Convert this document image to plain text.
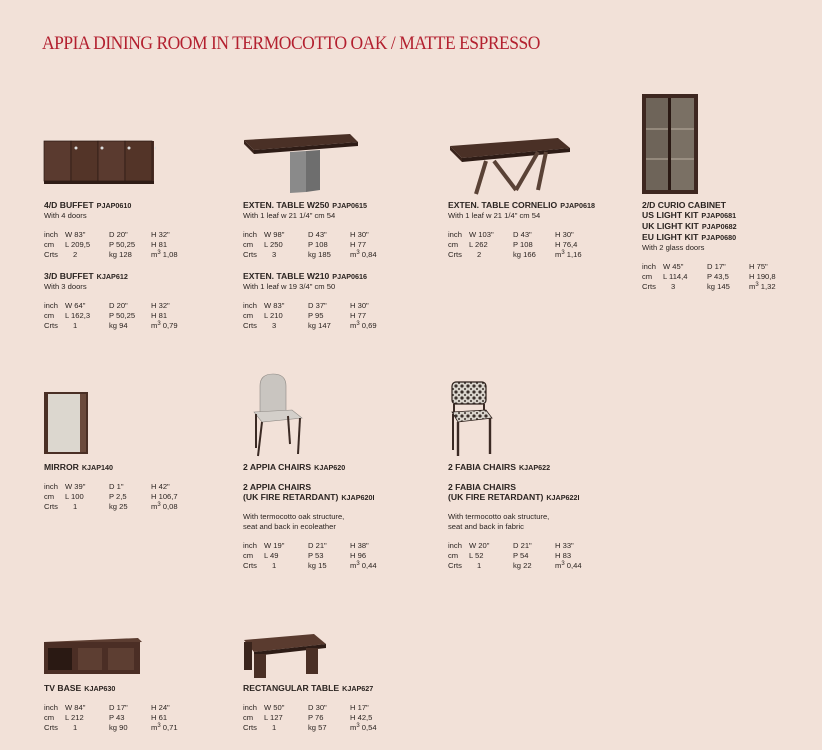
APPIA DINING ROOM IN TERMOCOTTO OAK / MATTE ESPRESSO
4/D BUFFET PJAP0610
With 4 doors
inch W 83"	D 20"	H 32"
cm L 209,5 P 50,25 H 81
Crts 2	kg 128	$m^3$ 1,08
3/D BUFFET KJAP612
With 3 doors
inch W 64"	D 20"	H 32"
cm L 162,3 P 50,25 H 81
Crts 1	kg 94	$m^3$ 0,79
EXTEN. TABLE W250 PJAP0615
With 1 leaf w 21 1/4" cm 54
inch W 98"	D 43"	H 30"
cm L 250	P 108	H 77
Crts 3	kg 185	$m^3$ 0,84
EXTEN. TABLE W210 PJAP0616
With 1 leaf w 19 3/4" cm 50
inch W 83"	D 37"	H 30"
cm L 210	P 95	H 77
Crts 3	kg 147	$m^3$ 0,69
EXTEN. TABLE CORNELIO PJAP0618
With 1 leaf w 21 1/4" cm 54
inch W 103"	D 43"	H 30"
cm L 262	P 108	H 76,4
Crts 2	kg 166	$m^3$ 1,16
2/D CURIO CABINET
US LIGHT KIT PJAP0681
UK LIGHT KIT PJAP0682
EU LIGHT KIT PJAP0680
With 2 glass doors
inch W 45"	D 17"	H 75"
cm L 114,4	P 43,5	H 190,8
Crts 3	kg 145	$m^3$ 1,32
MIRROR KJAP140
inch W 39"	D 1"	H 42"
cm L 100	P 2,5	H 106,7
Crts 1	kg 25	$m^3$ 0,08
2 APPIA CHAIRS KJAP620
2 APPIA CHAIRS
(UK FIRE RETARDANT) KJAP620I
With termocotto oak structure,
seat and back in ecoleather
inch W 19"	D 21"	H 38"
cm L 49	P 53	H 96
Crts 1	kg 15	$m^3$ 0,44
2 FABIA CHAIRS KJAP622
2 FABIA CHAIRS
(UK FIRE RETARDANT) KJAP622I
With termocotto oak structure,
seat and back in fabric
inch W 20"	D 21"	H 33"
cm L 52	P 54	H 83
Crts 1	kg 22	$m^3$ 0,44
TV BASE KJAP630
inch W 84"	D 17"	H 24"
cm L 212	P 43	H 61
Crts 1	kg 90	$m^3$ 0,71
RECTANGULAR TABLE KJAP627
inch W 50"	D 30"	H 17"
cm L 127	P 76	H 42,5
Crts 1	kg 57	$m^3$ 0,54
